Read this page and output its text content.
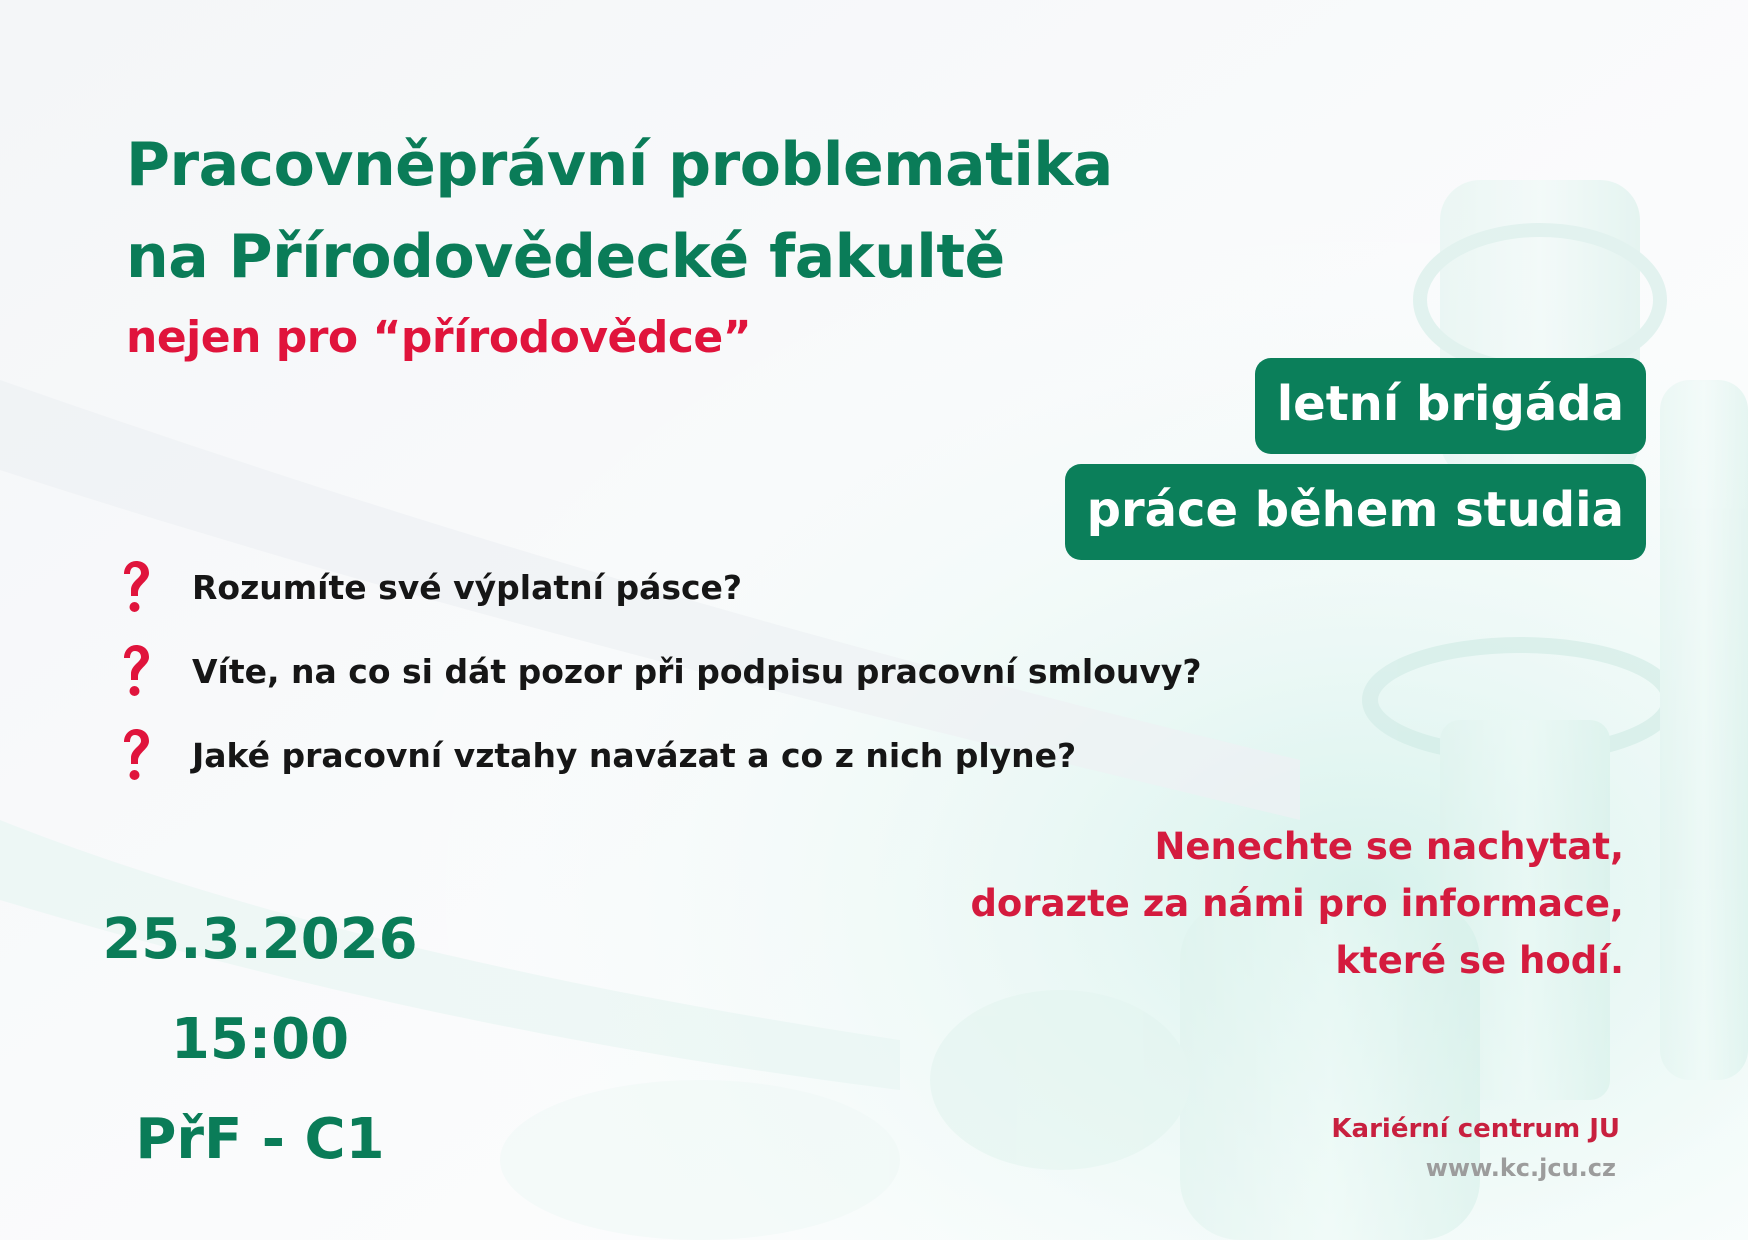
Pracovněprávní problematika
na Přírodovědecké fakultě
nejen pro “přírodovědce”
letní brigáda
práce během studia
Rozumíte své výplatní pásce?
Víte, na co si dát pozor při podpisu pracovní smlouvy?
Jaké pracovní vztahy navázat a co z nich plyne?
Nenechte se nachytat,
dorazte za námi pro informace,
které se hodí.
25.3.2026
15:00
PřF - C1	Kariérní centrum JU
www.kc.jcu.cz
